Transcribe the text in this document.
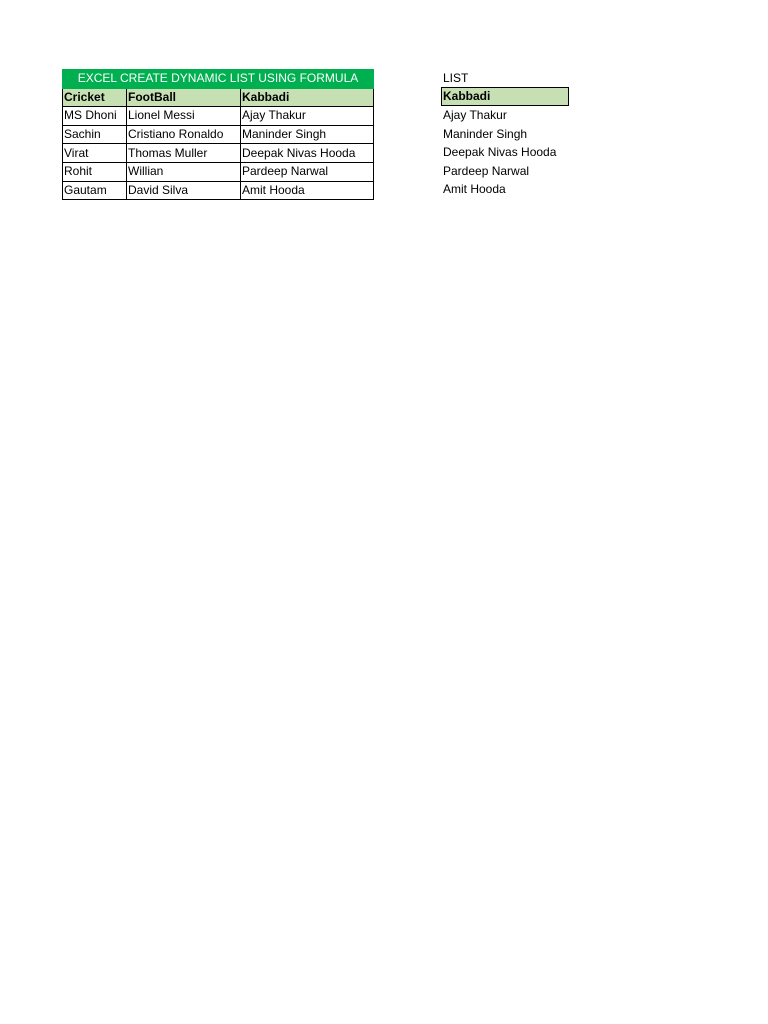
EXCEL CREATE DYNAMIC LIST USING FORMULA		
Cricket	FootBall	Kabbadi
MS Dhoni	Lionel Messi	Ajay Thakur
Sachin	Cristiano Ronaldo	Maninder Singh
Virat	Thomas Muller	Deepak Nivas Hooda
Rohit	Willian	Pardeep Narwal
Gautam	David Silva	Amit Hooda
LIST
Kabbadi
Ajay Thakur
Maninder Singh
Deepak Nivas Hooda
Pardeep Narwal
Amit Hooda
